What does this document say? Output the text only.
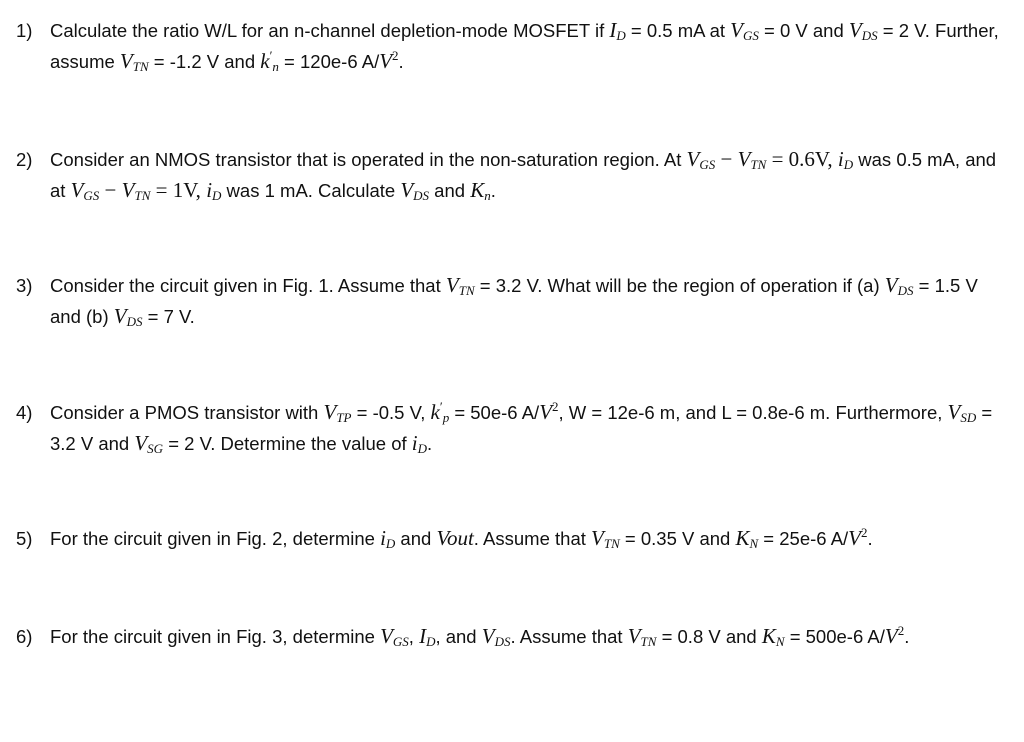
1) Calculate the ratio W/L for an n-channel depletion-mode MOSFET if $I_D = 0.5$ mA at $V_{GS} = 0$ V and $V_{DS} = 2$ V. Further, assume $V_{TN} = -1.2$ V and $k'_n = 120e-6$ $A/V^2$.
2) Consider an NMOS transistor that is operated in the non-saturation region. At $V_{GS} - V_{TN} = 0.6V$, $i_D$ was 0.5 mA, and at $V_{GS} - V_{TN} = 1V$, $i_D$ was 1 mA. Calculate $V_{DS}$ and $K_n$.
3) Consider the circuit given in Fig. 1. Assume that $V_{TN} = 3.2$ V. What will be the region of operation if (a) $V_{DS} = 1.5$ V and (b) $V_{DS} = 7$ V.
4) Consider a PMOS transistor with $V_{TP} = -0.5$ V, $k'_p = 50e-6$ $A/V^2$, W = 12e-6 m, and L = 0.8e-6 m. Furthermore, $V_{SD} = 3.2$ V and $V_{SG} = 2$ V. Determine the value of $i_D$.
5) For the circuit given in Fig. 2, determine $i_D$ and Vout. Assume that $V_{TN} = 0.35$ V and $K_N = 25e-6$ $A/V^2$.
6) For the circuit given in Fig. 3, determine $V_{GS}$, $I_D$, and $V_{DS}$. Assume that $V_{TN} = 0.8$ V and $K_N = 500e-6$ $A/V^2$.
